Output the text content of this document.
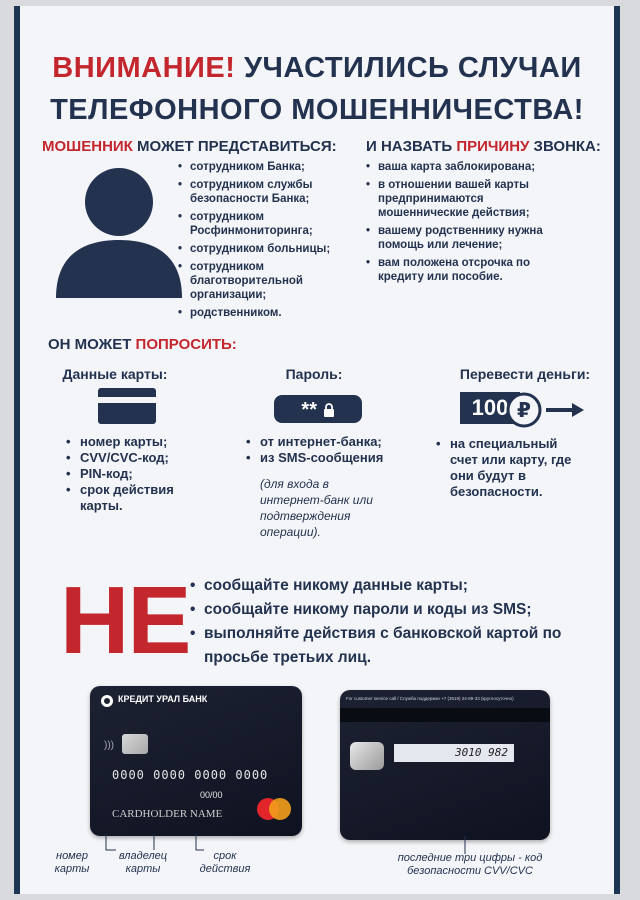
ВНИМАНИЕ! УЧАСТИЛИСЬ СЛУЧАИ
ТЕЛЕФОННОГО МОШЕННИЧЕСТВА!
МОШЕННИК МОЖЕТ ПРЕДСТАВИТЬСЯ: И НАЗВАТЬ ПРИЧИНУ ЗВОНКА:
• сотрудником Банка;
• сотрудником службы безопасности Банка;
• сотрудником Росфинмониторинга;
• сотрудником больницы;
• сотрудником благотворительной организации;
• родственником.
• ваша карта заблокирована;
• в отношении вашей карты предпринимаются мошеннические действия;
• вашему родственнику нужна помощь или лечение;
• вам положена отсрочка по кредиту или пособие.
ОН МОЖЕТ ПОПРОСИТЬ:
Данные карты:
• номер карты;
• CVV/CVC-код;
• PIN-код;
• срок действия карты.
Пароль:
**
• от интернет-банка;
• из SMS-сообщения
(для входа в интернет-банк или подтверждения операции).
Перевести деньги:
100 ₽
• на специальный счет или карту, где они будут в безопасности.
НЕ • сообщайте никому данные карты;
• сообщайте никому пароли и коды из SMS;
• выполняйте действия с банковской картой по просьбе третьих лиц.
КРЕДИТ УРАЛ БАНК
)))
0000 0000 0000 0000
00/00
CARDHOLDER NAME
For customer service call / Служба поддержки +7 (3519) 24-89-33 (круглосуточно)
3010 982
номер карты
владелец карты
срок действия
последние три цифры - код безопасности CVV/CVC
